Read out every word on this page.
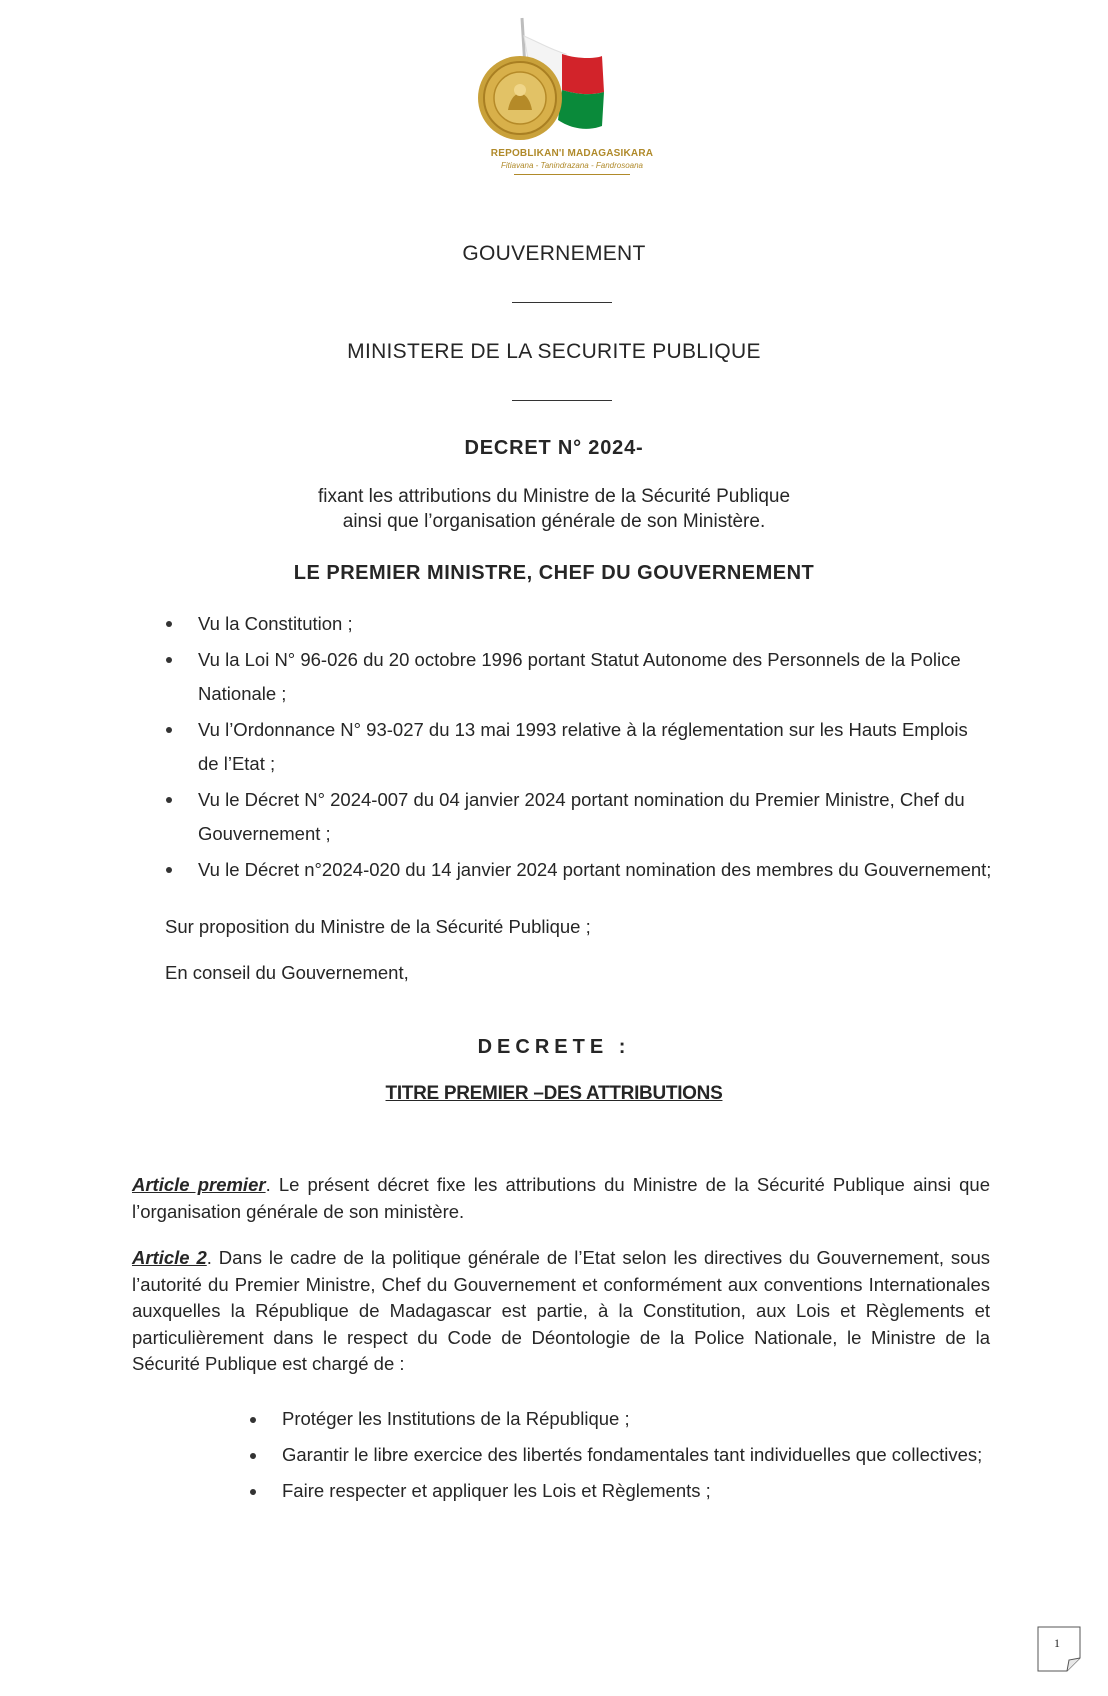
REPOBLIKAN'I MADAGASIKARA
Fitiavana - Tanindrazana - Fandrosoana
GOUVERNEMENT
MINISTERE DE LA SECURITE PUBLIQUE
DECRET N° 2024-
fixant les attributions du Ministre de la Sécurité Publique
ainsi que l’organisation générale de son Ministère.
LE PREMIER MINISTRE, CHEF DU GOUVERNEMENT
Vu la Constitution ;
Vu la Loi N° 96-026 du 20 octobre 1996 portant Statut Autonome des Personnels de la Police Nationale ;
Vu l’Ordonnance N° 93-027 du 13 mai 1993 relative à la réglementation sur les Hauts Emplois de l’Etat ;
Vu le Décret N° 2024-007 du 04 janvier 2024 portant nomination du Premier Ministre, Chef du Gouvernement ;
Vu le Décret n°2024-020 du 14 janvier 2024 portant nomination des membres du Gouvernement;
Sur proposition du Ministre de la Sécurité Publique ;
En conseil du Gouvernement,
DECRETE :
TITRE PREMIER –DES ATTRIBUTIONS
Article premier. Le présent décret fixe les attributions du Ministre de la Sécurité Publique ainsi que l’organisation générale de son ministère.
Article 2. Dans le cadre de la politique générale de l’Etat selon les directives du Gouvernement, sous l’autorité du Premier Ministre, Chef du Gouvernement et conformément aux conventions Internationales auxquelles la République de Madagascar est partie, à la Constitution, aux Lois et Règlements et particulièrement dans le respect du Code de Déontologie de la Police Nationale, le Ministre de la Sécurité Publique est chargé de :
Protéger les Institutions de la République ;
Garantir le libre exercice des libertés fondamentales tant individuelles que collectives;
Faire respecter et appliquer les Lois et Règlements ;
1
